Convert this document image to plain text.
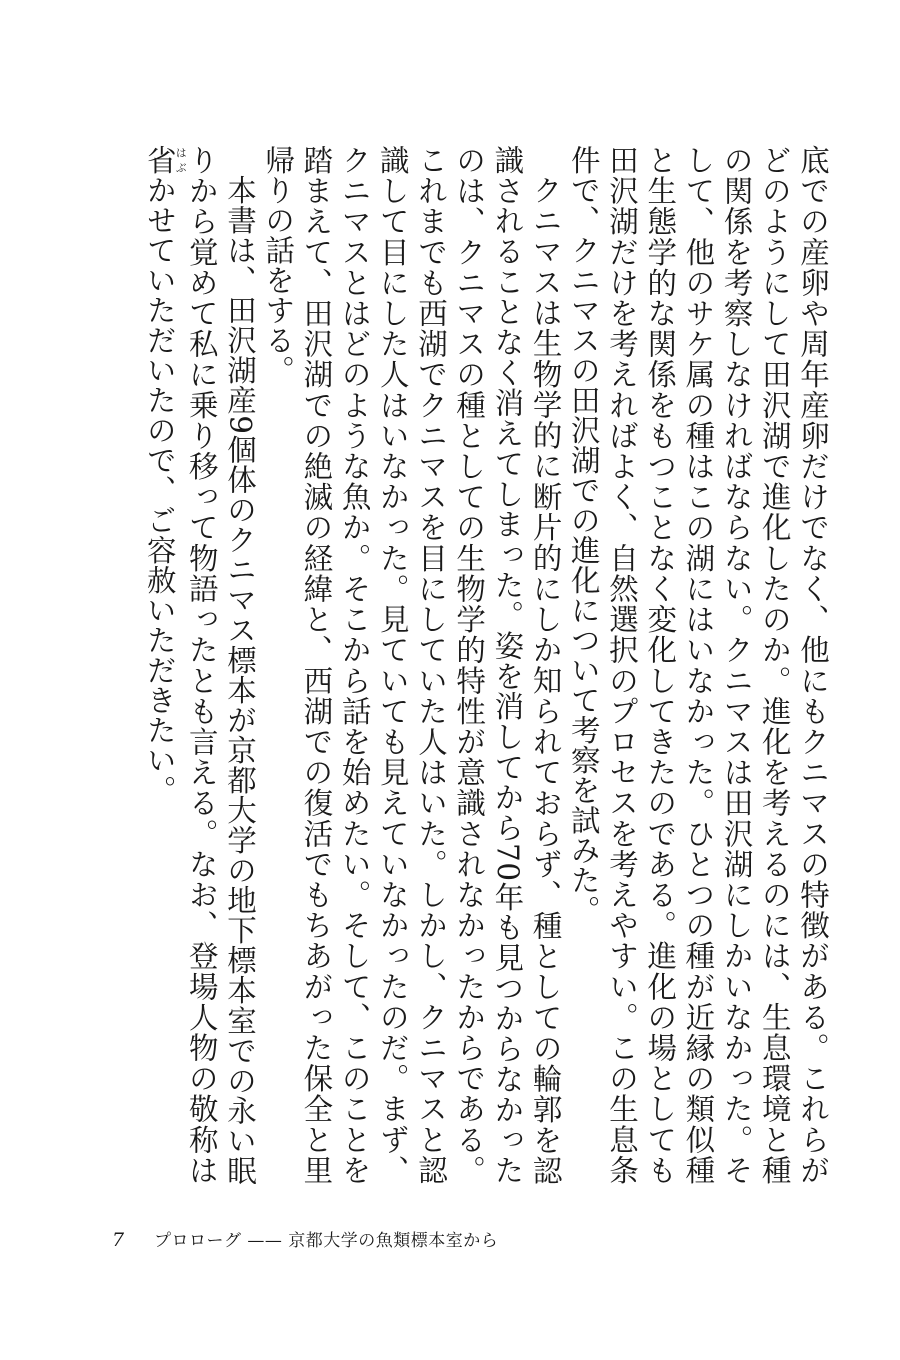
底での産卵や周年産卵だけでなく、他にもクニマスの特徴がある。これらがどのようにして田沢湖で進化したのか。進化を考えるのには、生息環境と種の関係を考察しなければならない。クニマスは田沢湖にしかいなかった。そして、他のサケ属の種はこの湖にはいなかった。ひとつの種が近縁の類似種と生態学的な関係をもつことなく変化してきたのである。進化の場としても田沢湖だけを考えればよく、自然選択のプロセスを考えやすい。この生息条件で、クニマスの田沢湖での進化について考察を試みた。

クニマスは生物学的に断片的にしか知られておらず、種としての輪郭を認識されることなく消えてしまった。姿を消してから70年も見つからなかったのは、クニマスの種としての生物学的特性が意識されなかったからである。これまでも西湖でクニマスを目にしていた人はいた。しかし、クニマスと認識して目にした人はいなかった。見ていても見えていなかったのだ。まず、クニマスとはどのような魚か。そこから話を始めたい。そして、このことを踏まえて、田沢湖での絶滅の経緯と、西湖での復活でもちあがった保全と里帰りの話をする。

本書は、田沢湖産9個体のクニマス標本が京都大学の地下標本室での永い眠りから覚めて私に乗り移って物語ったとも言える。なお、登場人物の敬称は省はぶかせていただいたので、ご容赦いただきたい。

7	プロローグ —— 京都大学の魚類標本室から
